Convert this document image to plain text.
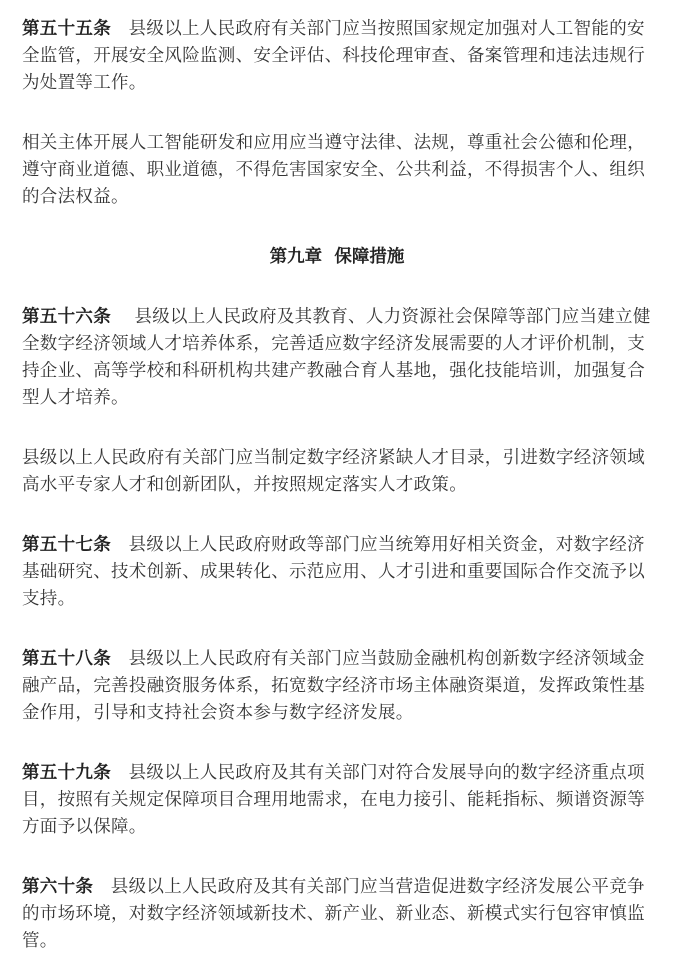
第五十五条 县级以上人民政府有关部门应当按照国家规定加强对人工智能的安全监管，开展安全风险监测、安全评估、科技伦理审查、备案管理和违法违规行为处置等工作。

相关主体开展人工智能研发和应用应当遵守法律、法规，尊重社会公德和伦理，遵守商业道德、职业道德，不得危害国家安全、公共利益，不得损害个人、组织的合法权益。

第九章 保障措施

第五十六条 县级以上人民政府及其教育、人力资源社会保障等部门应当建立健全数字经济领域人才培养体系，完善适应数字经济发展需要的人才评价机制，支持企业、高等学校和科研机构共建产教融合育人基地，强化技能培训，加强复合型人才培养。

县级以上人民政府有关部门应当制定数字经济紧缺人才目录，引进数字经济领域高水平专家人才和创新团队，并按照规定落实人才政策。

第五十七条 县级以上人民政府财政等部门应当统筹用好相关资金，对数字经济基础研究、技术创新、成果转化、示范应用、人才引进和重要国际合作交流予以支持。

第五十八条 县级以上人民政府有关部门应当鼓励金融机构创新数字经济领域金融产品，完善投融资服务体系，拓宽数字经济市场主体融资渠道，发挥政策性基金作用，引导和支持社会资本参与数字经济发展。

第五十九条 县级以上人民政府及其有关部门对符合发展导向的数字经济重点项目，按照有关规定保障项目合理用地需求，在电力接引、能耗指标、频谱资源等方面予以保障。

第六十条 县级以上人民政府及其有关部门应当营造促进数字经济发展公平竞争的市场环境，对数字经济领域新技术、新产业、新业态、新模式实行包容审慎监管。
